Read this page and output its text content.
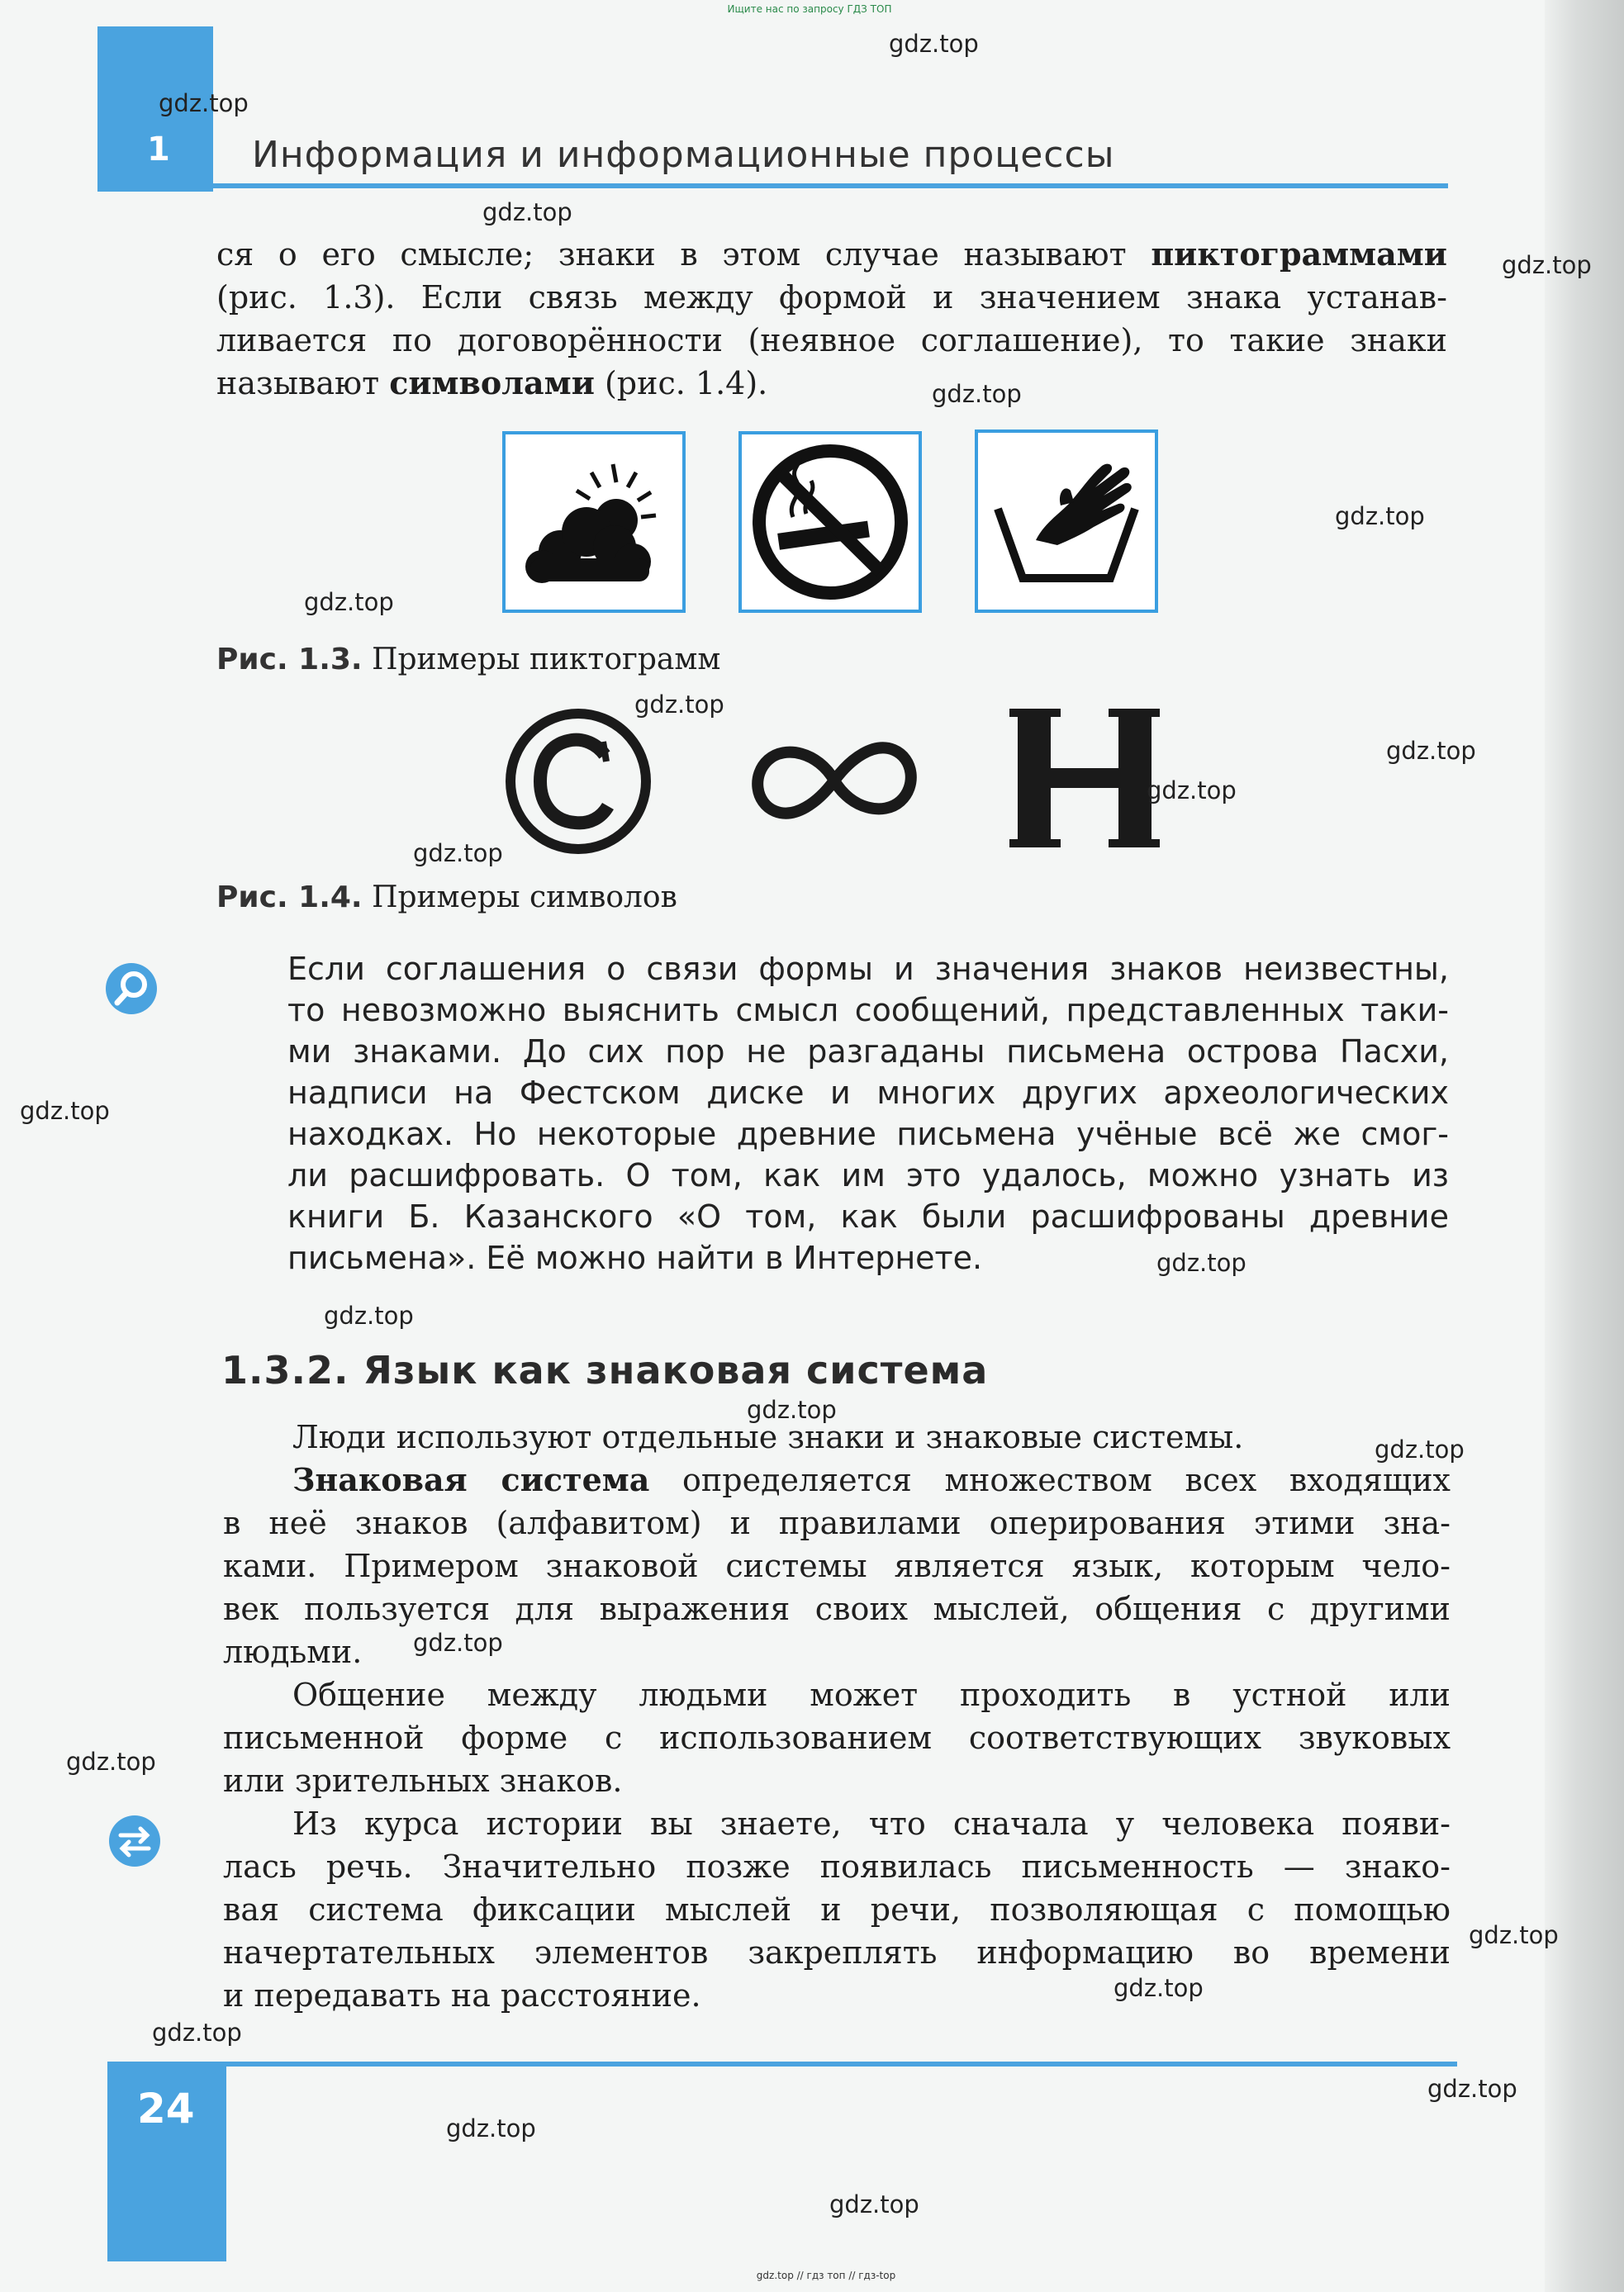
Ищите нас по запросу ГДЗ ТОП
1 Информация и информационные процессы
ся о его смысле; знаки в этом случае называют пиктограммами
(рис. 1.3). Если связь между формой и значением знака устанав-
ливается по договорённости (неявное соглашение), то такие знаки
называют символами (рис. 1.4).
Рис. 1.3. Примеры пиктограмм
Рис. 1.4. Примеры символов
Если соглашения о связи формы и значения знаков неизвестны,
то невозможно выяснить смысл сообщений, представленных таки-
ми знаками. До сих пор не разгаданы письмена острова Пасхи,
надписи на Фестском диске и многих других археологических
находках. Но некоторые древние письмена учёные всё же смог-
ли расшифровать. О том, как им это удалось, можно узнать из
книги Б. Казанского «О том, как были расшифрованы древние
письмена». Её можно найти в Интернете.
1.3.2. Язык как знаковая система
Люди используют отдельные знаки и знаковые системы.
Знаковая система определяется множеством всех входящих
в неё знаков (алфавитом) и правилами оперирования этими зна-
ками. Примером знаковой системы является язык, которым чело-
век пользуется для выражения своих мыслей, общения с другими
людьми.
Общение между людьми может проходить в устной или
письменной форме с использованием соответствующих звуковых
или зрительных знаков.
Из курса истории вы знаете, что сначала у человека появи-
лась речь. Значительно позже появилась письменность — знако-
вая система фиксации мыслей и речи, позволяющая с помощью
начертательных элементов закреплять информацию во времени
и передавать на расстояние.
24
gdz.top // гдз топ // гдз-top
gdz.top
gdz.top
gdz.top
gdz.top
gdz.top
gdz.top
gdz.top
gdz.top
gdz.top
gdz.top
gdz.top
gdz.top
gdz.top
gdz.top
gdz.top
gdz.top
gdz.top
gdz.top
gdz.top
gdz.top
gdz.top
gdz.top
gdz.top
gdz.top
